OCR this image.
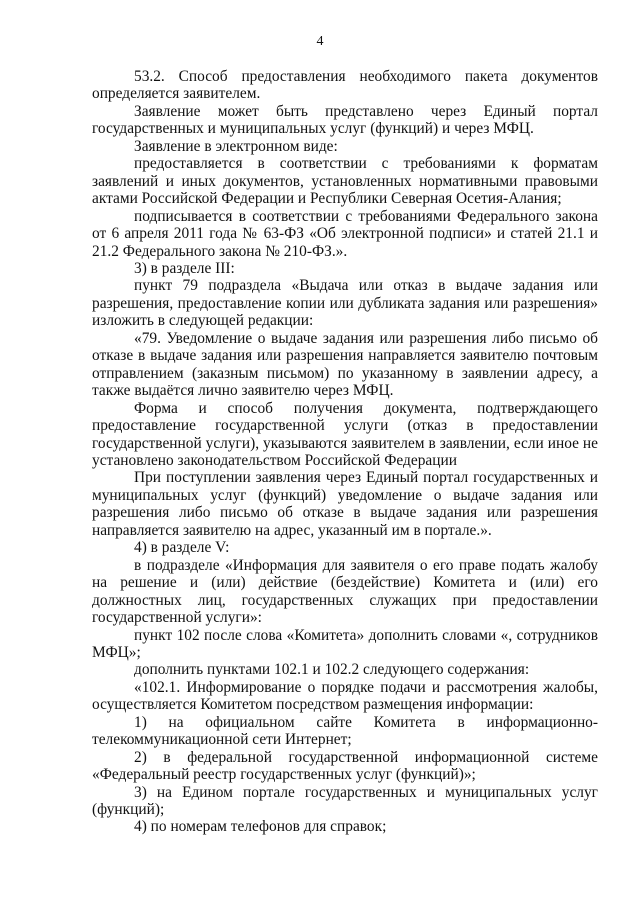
4

53.2. Способ предоставления необходимого пакета документов определяется заявителем.

Заявление может быть представлено через Единый портал государственных и муниципальных услуг (функций) и через МФЦ.

Заявление в электронном виде:

предоставляется в соответствии с требованиями к форматам заявлений и иных документов, установленных нормативными правовыми актами Российской Федерации и Республики Северная Осетия-Алания;

подписывается в соответствии с требованиями Федерального закона от 6 апреля 2011 года № 63-ФЗ «Об электронной подписи» и статей 21.1 и 21.2 Федерального закона № 210-ФЗ.».

3) в разделе III:

пункт 79 подраздела «Выдача или отказ в выдаче задания или разрешения, предоставление копии или дубликата задания или разрешения» изложить в следующей редакции:

«79. Уведомление о выдаче задания или разрешения либо письмо об отказе в выдаче задания или разрешения направляется заявителю почтовым отправлением (заказным письмом) по указанному в заявлении адресу, а также выдаётся лично заявителю через МФЦ.

Форма и способ получения документа, подтверждающего предоставление государственной услуги (отказ в предоставлении государственной услуги), указываются заявителем в заявлении, если иное не установлено законодательством Российской Федерации

При поступлении заявления через Единый портал государственных и муниципальных услуг (функций) уведомление о выдаче задания или разрешения либо письмо об отказе в выдаче задания или разрешения направляется заявителю на адрес, указанный им в портале.».

4) в разделе V:

в подразделе «Информация для заявителя о его праве подать жалобу на решение и (или) действие (бездействие) Комитета и (или) его должностных лиц, государственных служащих при предоставлении государственной услуги»:

пункт 102 после слова «Комитета» дополнить словами «, сотрудников МФЦ»;

дополнить пунктами 102.1 и 102.2 следующего содержания:

«102.1. Информирование о порядке подачи и рассмотрения жалобы, осуществляется Комитетом посредством размещения информации:

1) на официальном сайте Комитета в информационно-телекоммуникационной сети Интернет;

2) в федеральной государственной информационной системе «Федеральный реестр государственных услуг (функций)»;

3) на Едином портале государственных и муниципальных услуг (функций);

4) по номерам телефонов для справок;
